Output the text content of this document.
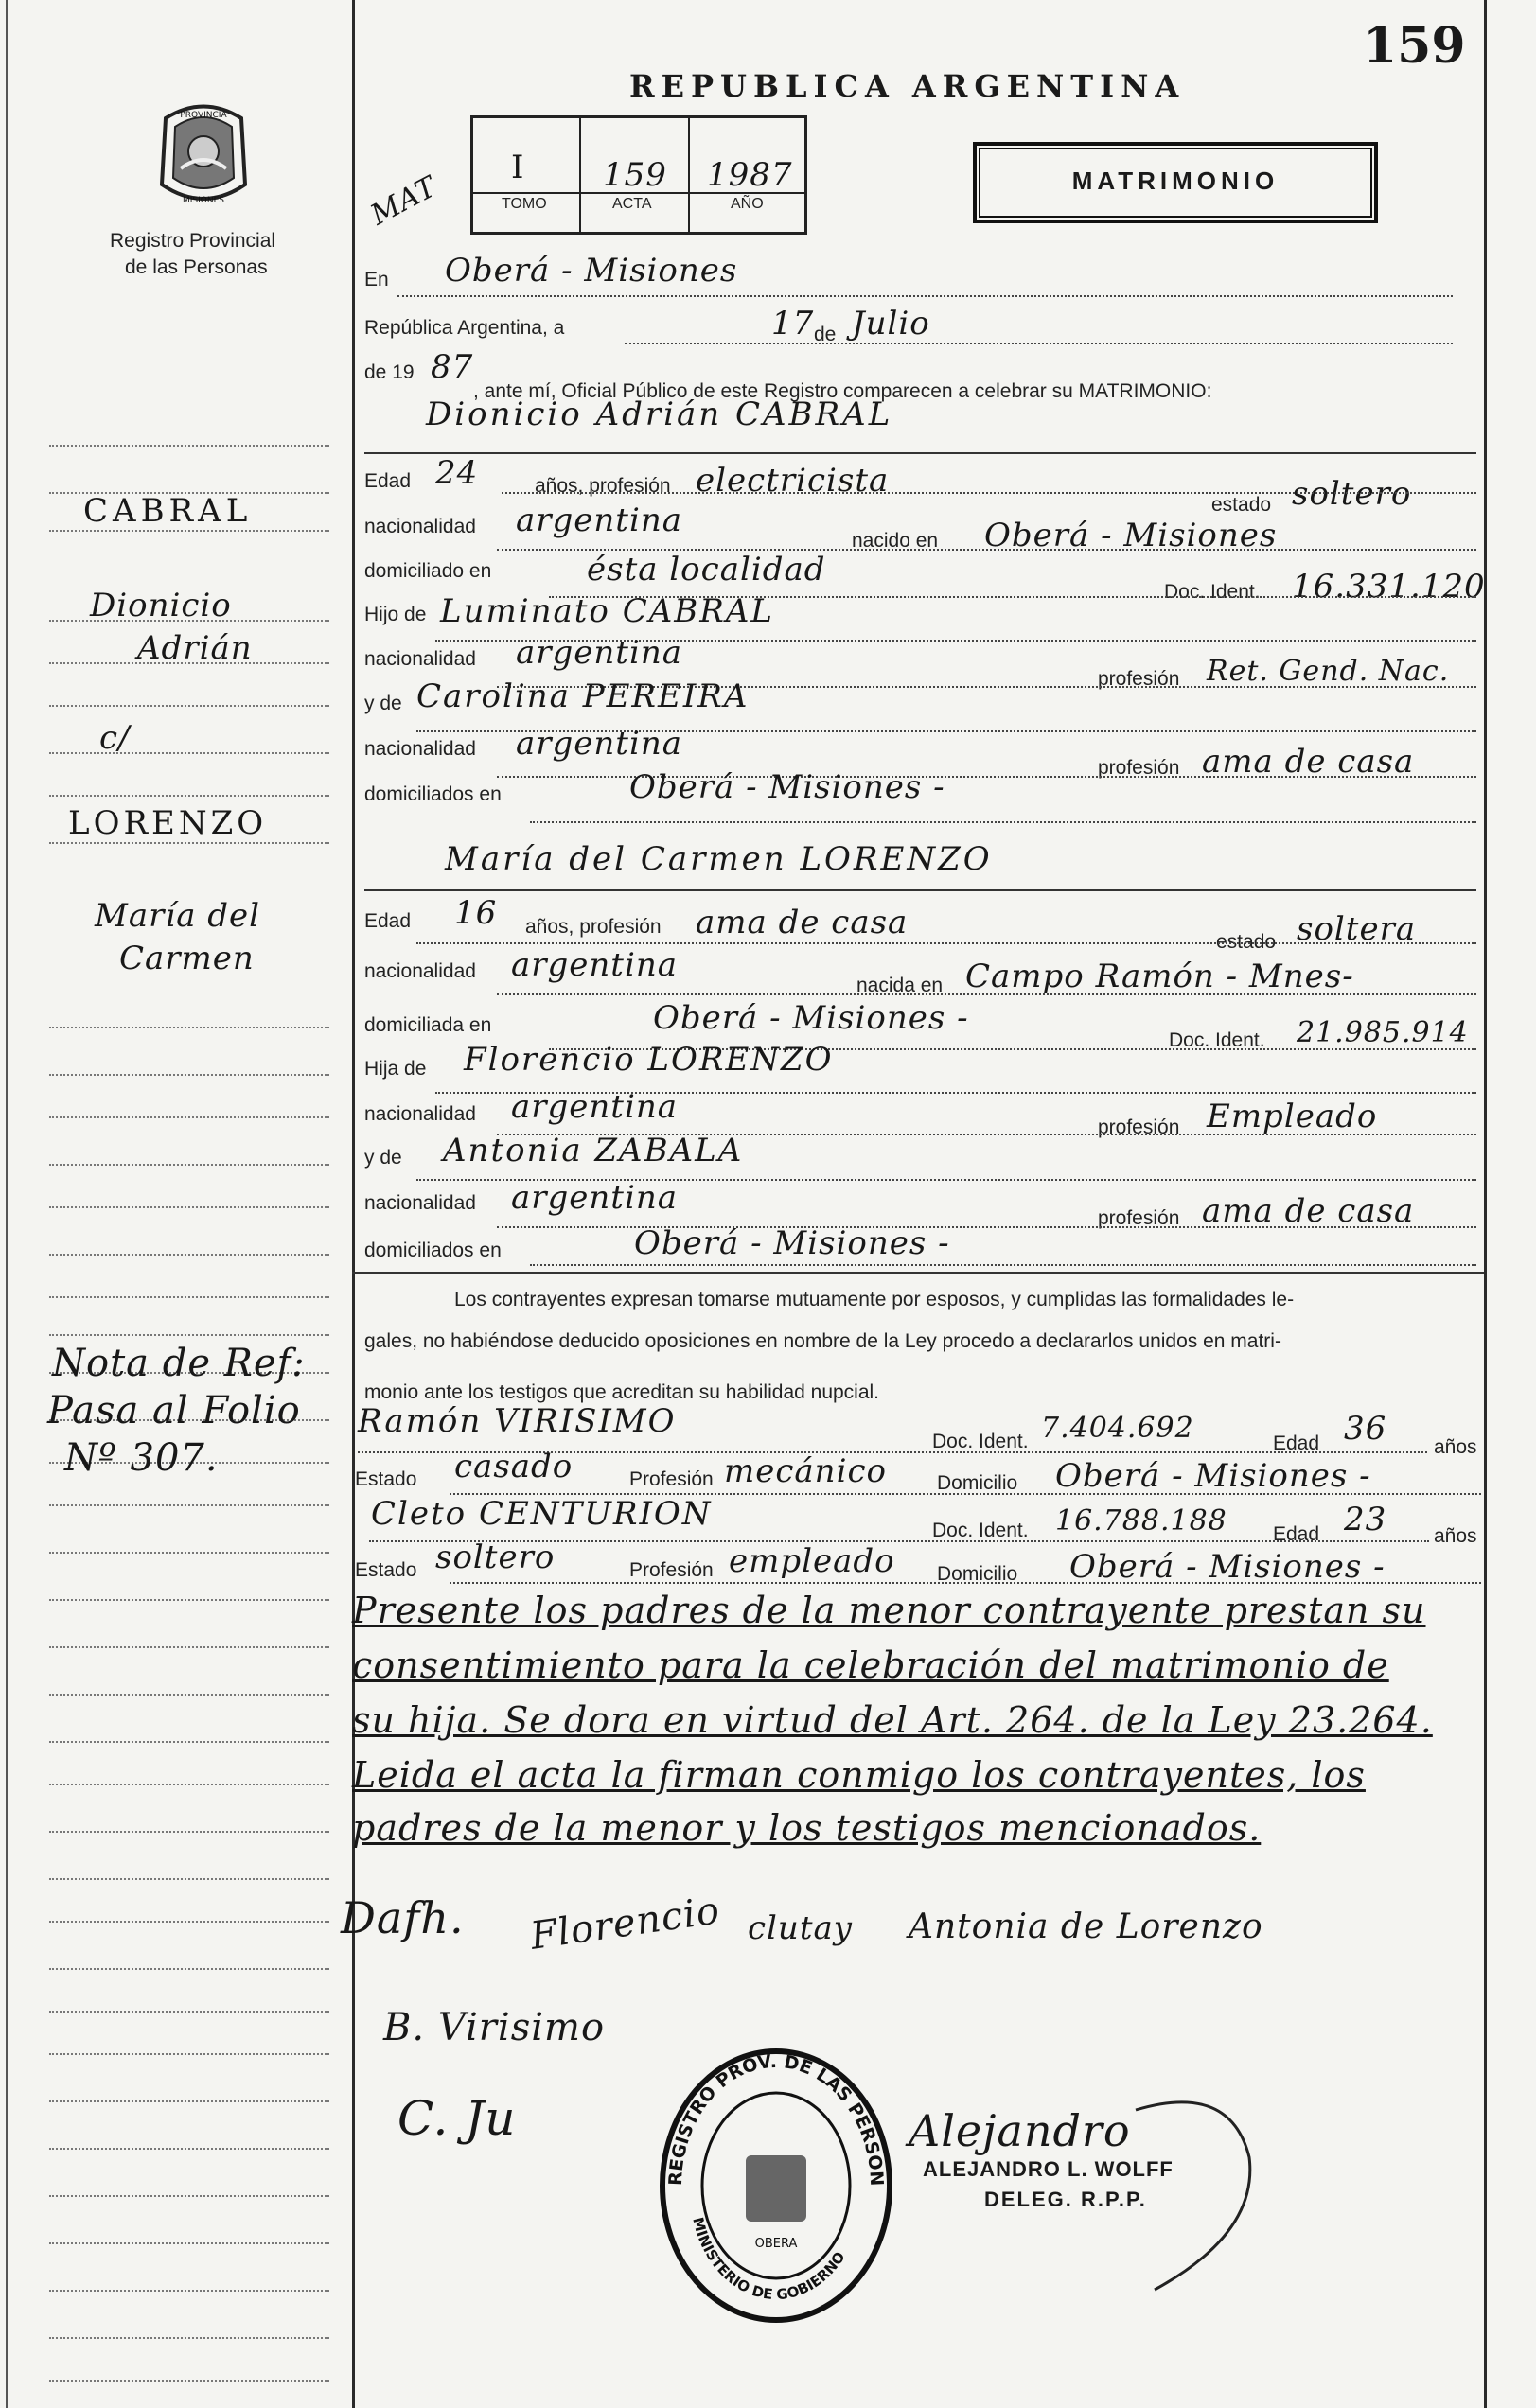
159
PROVINCIA
MISIONES
Registro Provincial
de las Personas
REPUBLICA ARGENTINA
MAT
I
TOMO
159
ACTA
1987
AÑO
MATRIMONIO
CABRAL
Dionicio
Adrián
c/
LORENZO
María del
Carmen
Nota de Ref:
Pasa al Folio
Nº 307.
En Oberá - Misiones
República Argentina, a	17 de Julio
de 19 87
, ante mí, Oficial Público de este Registro comparecen a celebrar su MATRIMONIO:
Dionicio Adrián CABRAL
Edad 24	años, profesión electricista
estado soltero
nacionalidad argentina
nacido en Oberá - Misiones
domiciliado en	ésta localidad
Doc. Ident. 16.331.120
Hijo de Luminato CABRAL
nacionalidad argentina
profesión Ret. Gend. Nac.
y de Carolina PEREIRA
nacionalidad argentina
profesión ama de casa
domiciliados en	Oberá - Misiones -
María del Carmen LORENZO
Edad 16 años, profesión ama de casa
estado soltera
nacionalidad argentina
nacida en Campo Ramón - Mnes-
domiciliada en	Oberá - Misiones -
Doc. Ident. 21.985.914
Hija de Florencio LORENZO
nacionalidad argentina
profesión Empleado
y de Antonia ZABALA
nacionalidad argentina
profesión ama de casa
domiciliados en	Oberá - Misiones -
Los contrayentes expresan tomarse mutuamente por esposos, y cumplidas las formalidades le-
gales, no habiéndose deducido oposiciones en nombre de la Ley procedo a declararlos unidos en matri-
monio ante los testigos que acreditan su habilidad nupcial.
Ramón VIRISIMO
Doc. Ident. 7.404.692	Edad 36 años
Estado casado	Profesión mecánico	Domicilio Oberá - Misiones -
Cleto CENTURION	Doc. Ident. 16.788.188 Edad 23 años
Estado soltero	Profesión empleado Domicilio Oberá - Misiones -
Presente los padres de la menor contrayente prestan su
consentimiento para la celebración del matrimonio de
su hija. Se dora en virtud del Art. 264. de la Ley 23.264.
Leida el acta la firman conmigo los contrayentes, los
padres de la menor y los testigos mencionados.
Dafh. Florencio clutay Antonia de Lorenzo
B. Virisimo
C. Ju	Alejandro
ALEJANDRO L. WOLFF
DELEG. R.P.P.
REGISTRO PROV. DE LAS PERSON
MINISTERIO DE GOBIERNO
OBERA
